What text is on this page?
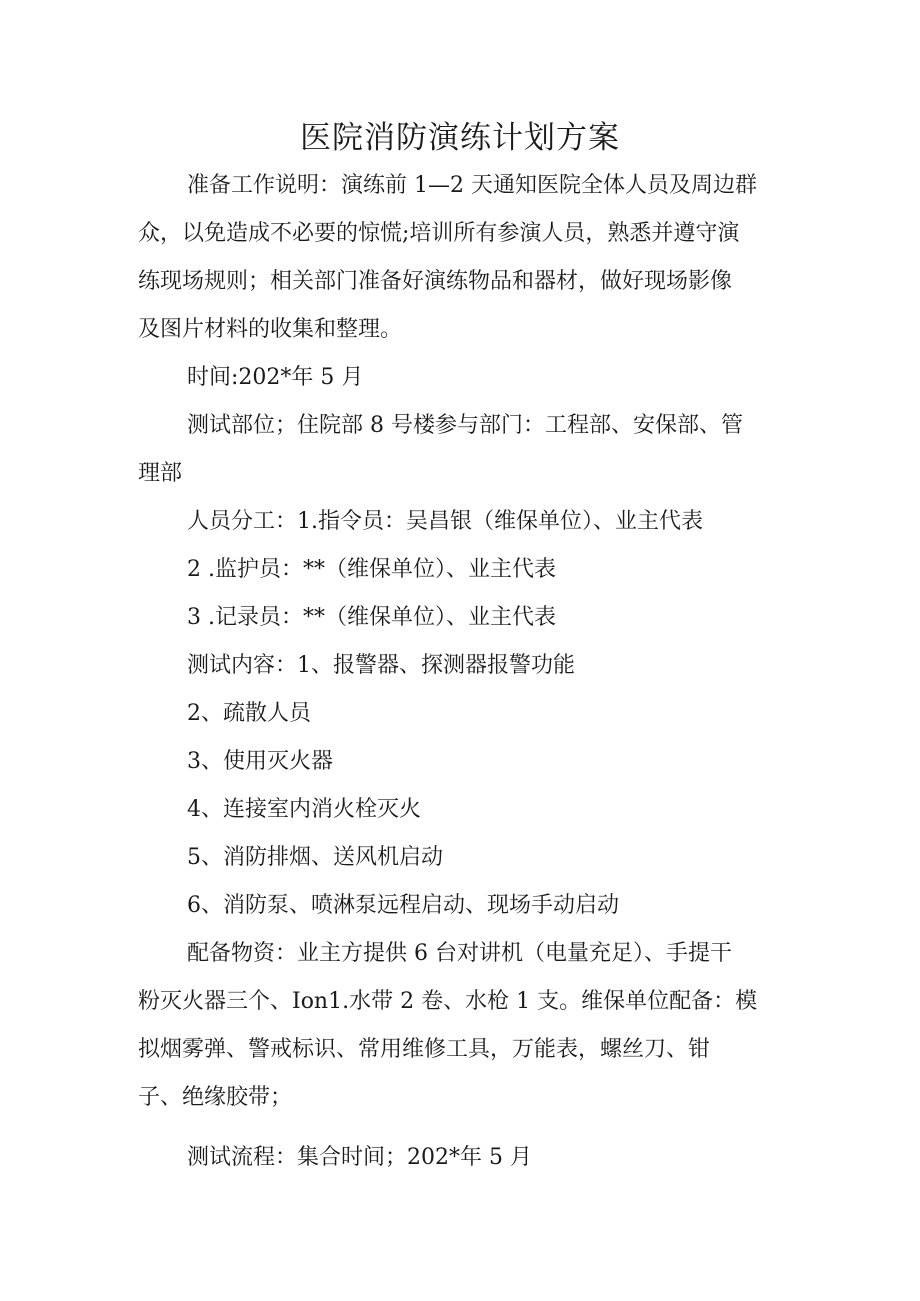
医院消防演练计划方案

准备工作说明：演练前 1—2 天通知医院全体人员及周边群

众，以免造成不必要的惊慌;培训所有参演人员，熟悉并遵守演

练现场规则；相关部门准备好演练物品和器材，做好现场影像

及图片材料的收集和整理。

时间:202*年 5 月

测试部位；住院部 8 号楼参与部门：工程部、安保部、管

理部

人员分工：1.指令员：吴昌银（维保单位）、业主代表

2 .监护员：**（维保单位）、业主代表

3 .记录员：**（维保单位）、业主代表

测试内容：1、报警器、探测器报警功能

2、疏散人员

3、使用灭火器

4、连接室内消火栓灭火

5、消防排烟、送风机启动

6、消防泵、喷淋泵远程启动、现场手动启动

配备物资：业主方提供 6 台对讲机（电量充足）、手提干

粉灭火器三个、Ion1.水带 2 卷、水枪 1 支。维保单位配备：模

拟烟雾弹、警戒标识、常用维修工具，万能表，螺丝刀、钳

子、绝缘胶带；

测试流程：集合时间；202*年 5 月
